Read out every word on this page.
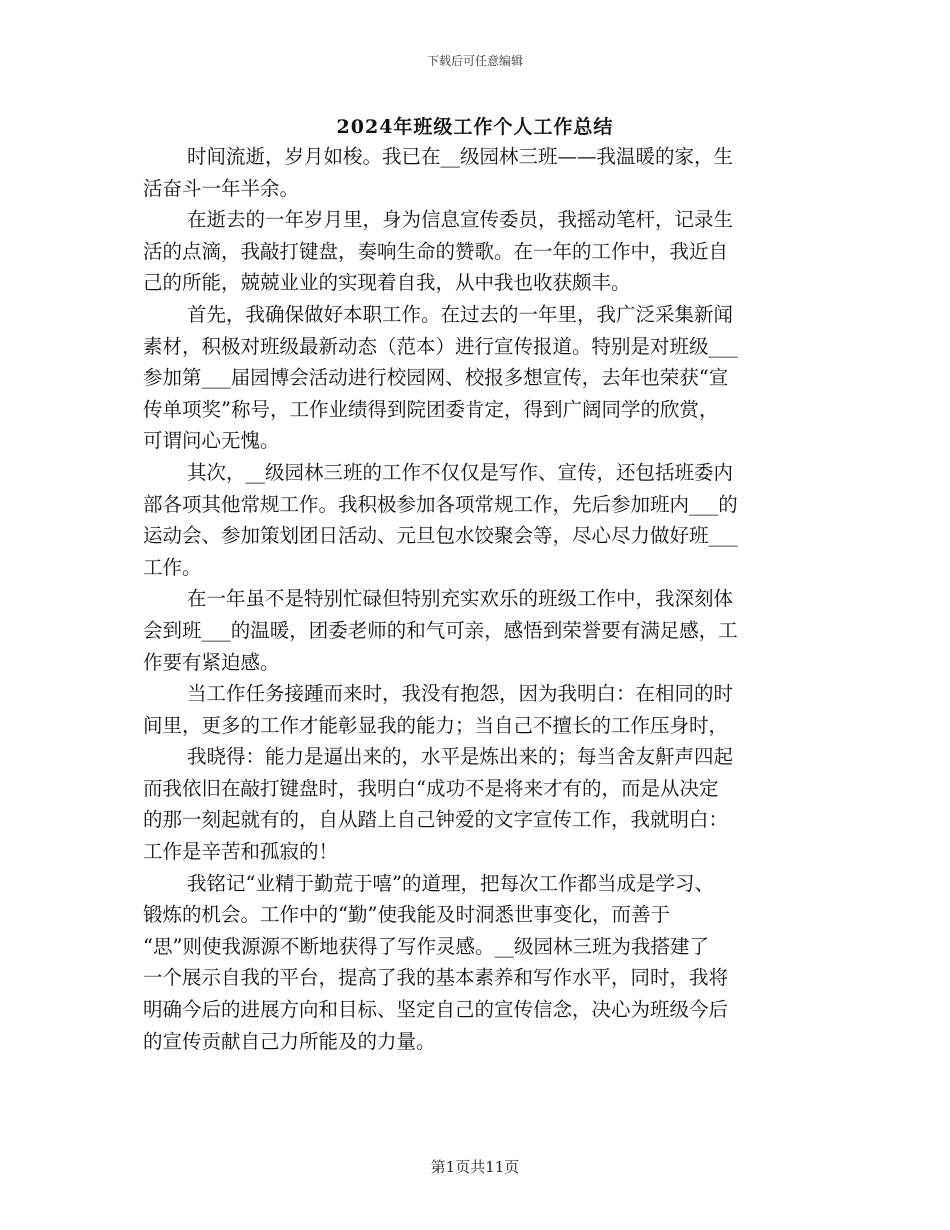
下载后可任意编辑
2024年班级工作个人工作总结

时间流逝，岁月如梭。我已在__级园林三班——我温暖的家，生
活奋斗一年半余。

在逝去的一年岁月里，身为信息宣传委员，我摇动笔杆，记录生
活的点滴，我敲打键盘，奏响生命的赞歌。在一年的工作中，我近自
己的所能，兢兢业业的实现着自我，从中我也收获颇丰。

首先，我确保做好本职工作。在过去的一年里，我广泛采集新闻
素材，积极对班级最新动态（范本）进行宣传报道。特别是对班级___
参加第___届园博会活动进行校园网、校报多想宣传，去年也荣获“宣
传单项奖”称号，工作业绩得到院团委肯定，得到广阔同学的欣赏，
可谓问心无愧。

其次，__级园林三班的工作不仅仅是写作、宣传，还包括班委内
部各项其他常规工作。我积极参加各项常规工作，先后参加班内___的
运动会、参加策划团日活动、元旦包水饺聚会等，尽心尽力做好班___
工作。

在一年虽不是特别忙碌但特别充实欢乐的班级工作中，我深刻体
会到班___的温暖，团委老师的和气可亲，感悟到荣誉要有满足感，工
作要有紧迫感。

当工作任务接踵而来时，我没有抱怨，因为我明白：在相同的时
间里，更多的工作才能彰显我的能力；当自己不擅长的工作压身时，

我晓得：能力是逼出来的，水平是炼出来的；每当舍友鼾声四起
而我依旧在敲打键盘时，我明白“成功不是将来才有的，而是从决定
的那一刻起就有的，自从踏上自己钟爱的文字宣传工作，我就明白：
工作是辛苦和孤寂的！

我铭记“业精于勤荒于嘻”的道理，把每次工作都当成是学习、
锻炼的机会。工作中的“勤”使我能及时洞悉世事变化，而善于
“思”则使我源源不断地获得了写作灵感。__级园林三班为我搭建了
一个展示自我的平台，提高了我的基本素养和写作水平，同时，我将
明确今后的进展方向和目标、坚定自己的宣传信念，决心为班级今后
的宣传贡献自己力所能及的力量。

第1页共11页
